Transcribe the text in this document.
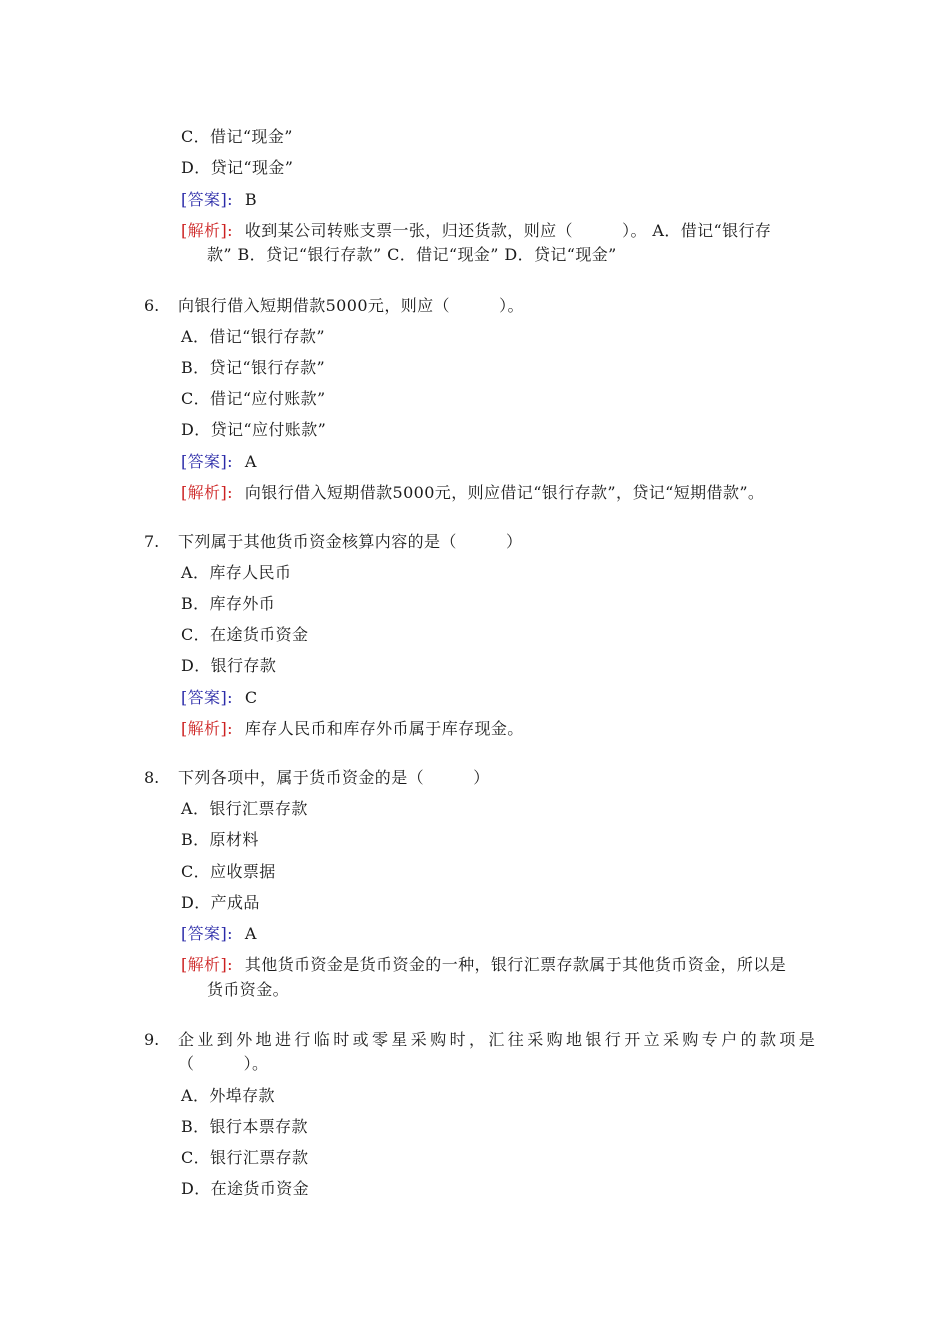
C．借记“现金”
D．贷记“现金”
[答案]: B
[解析]: 收到某公司转账支票一张，归还货款，则应（　　　）。 A．借记“银行存
款” B．贷记“银行存款” C．借记“现金” D．贷记“现金”
6. 向银行借入短期借款5000元，则应（　　　）。
A．借记“银行存款”
B．贷记“银行存款”
C．借记“应付账款”
D．贷记“应付账款”
[答案]: A
[解析]: 向银行借入短期借款5000元，则应借记“银行存款”，贷记“短期借款”。
7. 下列属于其他货币资金核算内容的是（　　　）
A．库存人民币
B．库存外币
C．在途货币资金
D．银行存款
[答案]: C
[解析]: 库存人民币和库存外币属于库存现金。
8. 下列各项中，属于货币资金的是（　　　）
A．银行汇票存款
B．原材料
C．应收票据
D．产成品
[答案]: A
[解析]: 其他货币资金是货币资金的一种，银行汇票存款属于其他货币资金，所以是
货币资金。
9. 企业到外地进行临时或零星采购时，汇往采购地银行开立采购专户的款项是
（　　　）。
A．外埠存款
B．银行本票存款
C．银行汇票存款
D．在途货币资金
